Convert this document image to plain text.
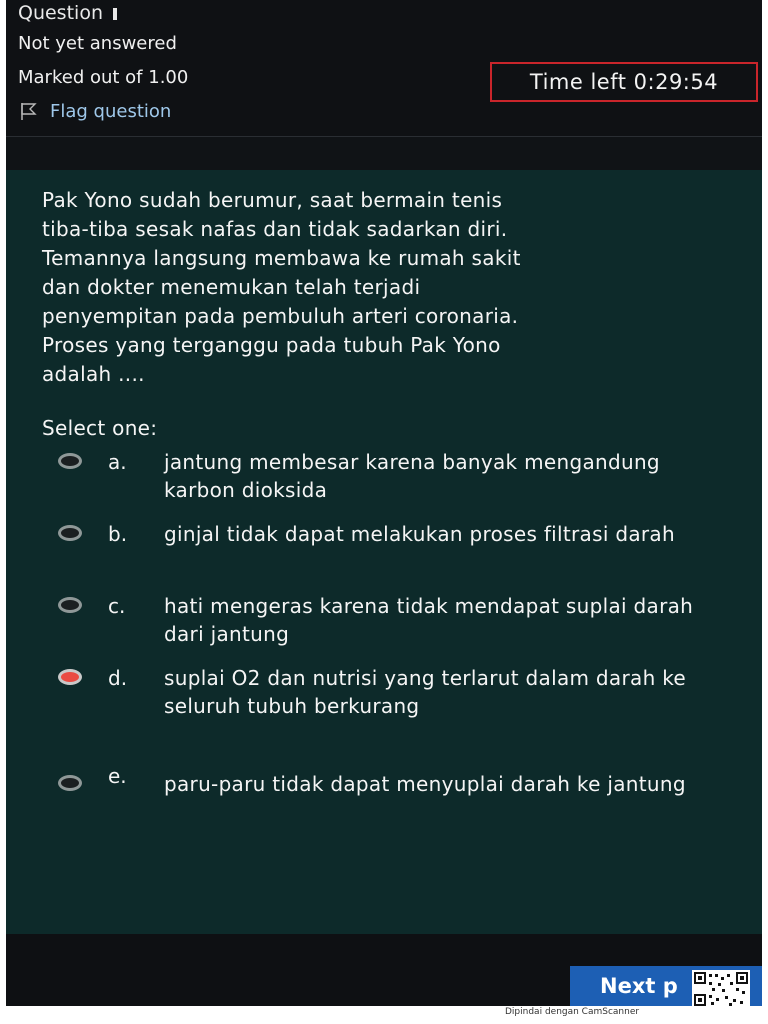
Question
Not yet answered
Marked out of 1.00
Flag question
Time left 0:29:54
Pak Yono sudah berumur, saat bermain tenis
tiba-tiba sesak nafas dan tidak sadarkan diri.
Temannya langsung membawa ke rumah sakit
dan dokter menemukan telah terjadi
penyempitan pada pembuluh arteri coronaria.
Proses yang terganggu pada tubuh Pak Yono
adalah ....
Select one:
a. jantung membesar karena banyak mengandung karbon dioksida
b. ginjal tidak dapat melakukan proses filtrasi darah
c. hati mengeras karena tidak mendapat suplai darah dari jantung
d. suplai O2 dan nutrisi yang terlarut dalam darah ke seluruh tubuh berkurang
e. paru-paru tidak dapat menyuplai darah ke jantung
Next p
Dipindai dengan CamScanner
